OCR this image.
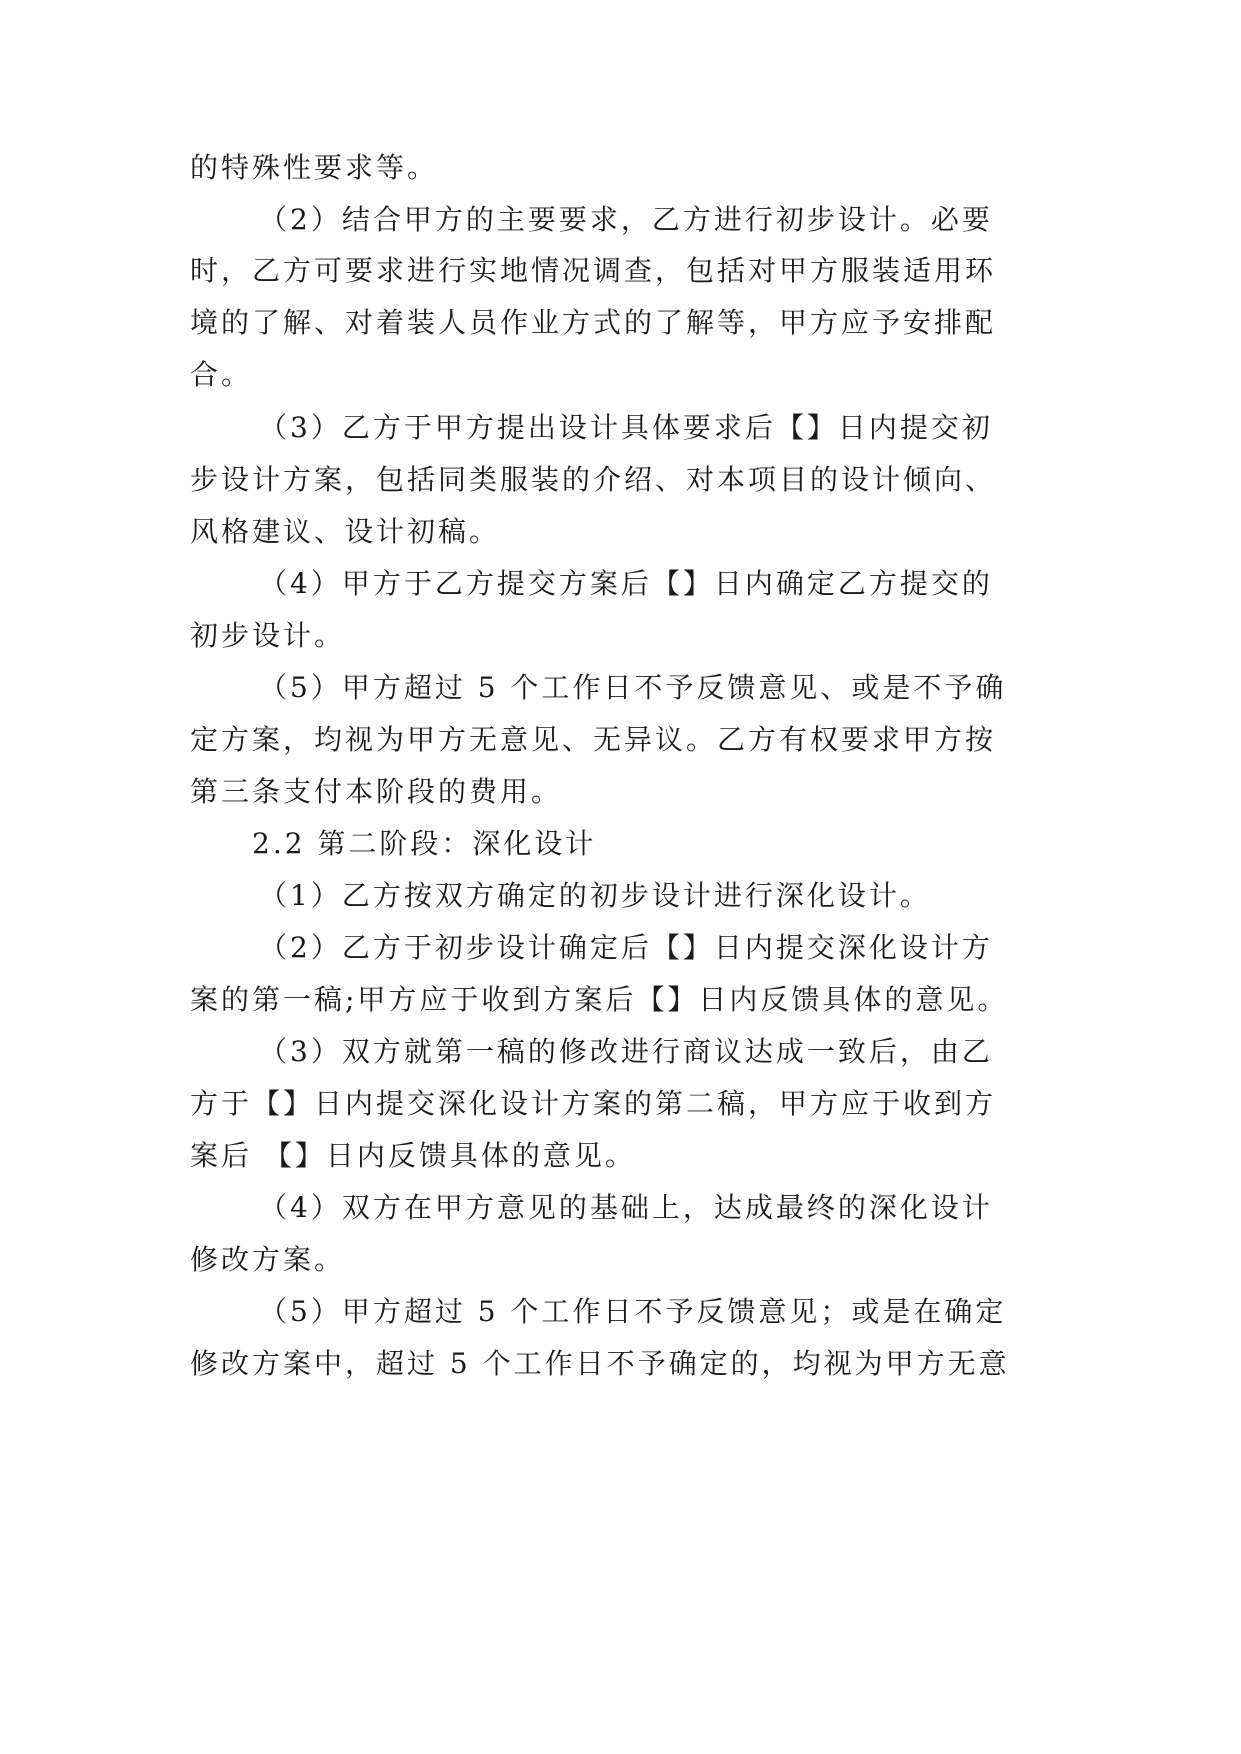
的特殊性要求等。

（2）结合甲方的主要要求，乙方进行初步设计。必要

时，乙方可要求进行实地情况调查，包括对甲方服装适用环

境的了解、对着装人员作业方式的了解等，甲方应予安排配

合。

（3）乙方于甲方提出设计具体要求后【】日内提交初

步设计方案，包括同类服装的介绍、对本项目的设计倾向、

风格建议、设计初稿。

（4）甲方于乙方提交方案后【】日内确定乙方提交的

初步设计。

（5）甲方超过 5 个工作日不予反馈意见、或是不予确

定方案，均视为甲方无意见、无异议。乙方有权要求甲方按

第三条支付本阶段的费用。

2.2 第二阶段：深化设计

（1）乙方按双方确定的初步设计进行深化设计。

（2）乙方于初步设计确定后【】日内提交深化设计方

案的第一稿;甲方应于收到方案后【】日内反馈具体的意见。

（3）双方就第一稿的修改进行商议达成一致后，由乙

方于【】日内提交深化设计方案的第二稿，甲方应于收到方

案后 【】日内反馈具体的意见。

（4）双方在甲方意见的基础上，达成最终的深化设计

修改方案。

（5）甲方超过 5 个工作日不予反馈意见；或是在确定

修改方案中，超过 5 个工作日不予确定的，均视为甲方无意
